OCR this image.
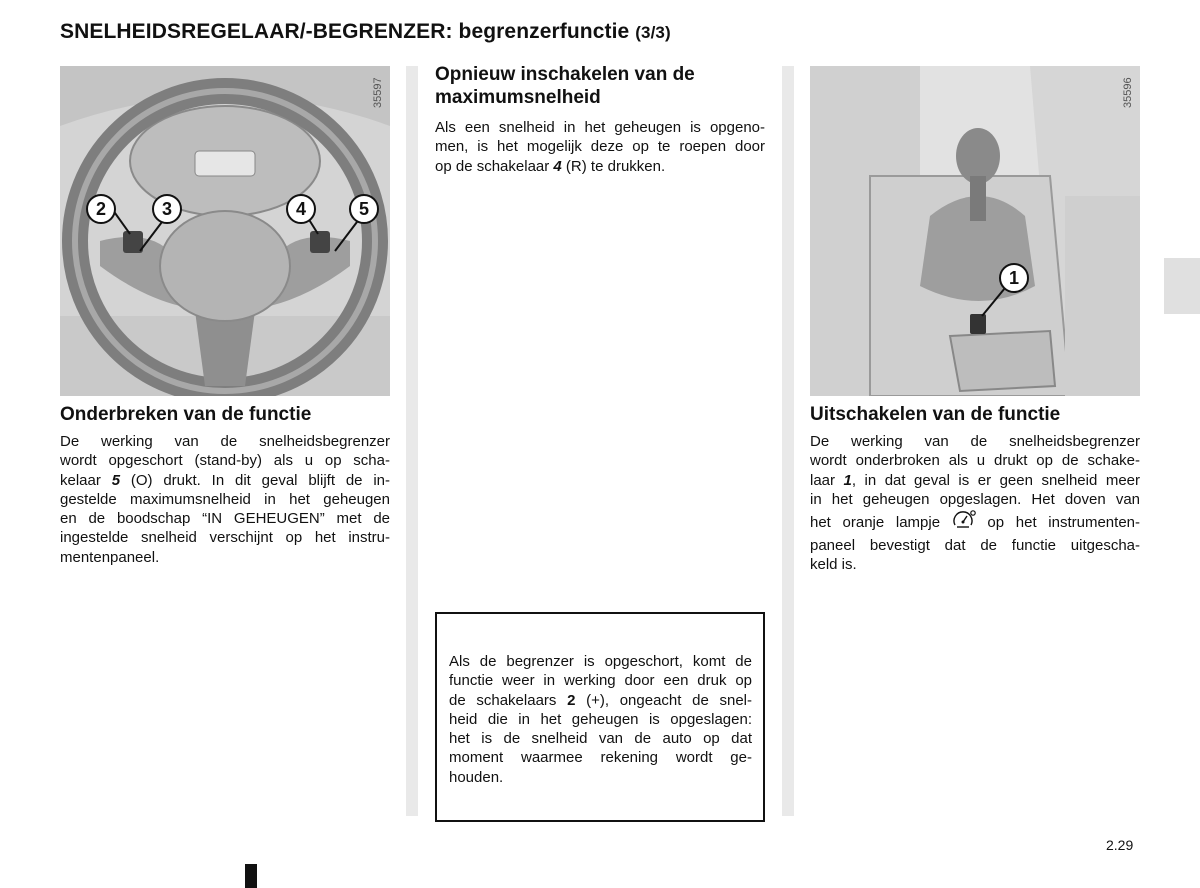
SNELHEIDSREGELAAR/-BEGRENZER: begrenzerfunctie (3/3)
2	3	4	5
35597
Onderbreken van de functie
De werking van de snelheidsbegrenzer
wordt opgeschort (stand-by) als u op scha-
kelaar 5 (O) drukt. In dit geval blijft de in-
gestelde maximumsnelheid in het geheugen
en de boodschap “IN GEHEUGEN” met de
ingestelde snelheid verschijnt op het instru-
mentenpaneel.
Opnieuw inschakelen van de
maximumsnelheid
Als een snelheid in het geheugen is opgeno-
men, is het mogelijk deze op te roepen door
op de schakelaar 4 (R) te drukken.
Als de begrenzer is opgeschort, komt de
functie weer in werking door een druk op
de schakelaars 2 (+), ongeacht de snel-
heid die in het geheugen is opgeslagen:
het is de snelheid van de auto op dat
moment waarmee rekening wordt ge-
houden.
1
35596
Uitschakelen van de functie
De werking van de snelheidsbegrenzer
wordt onderbroken als u drukt op de schake-
laar 1, in dat geval is er geen snelheid meer
in het geheugen opgeslagen. Het doven van
het oranje lampje  op het instrumenten-
paneel bevestigt dat de functie uitgescha-
keld is.
2.29
